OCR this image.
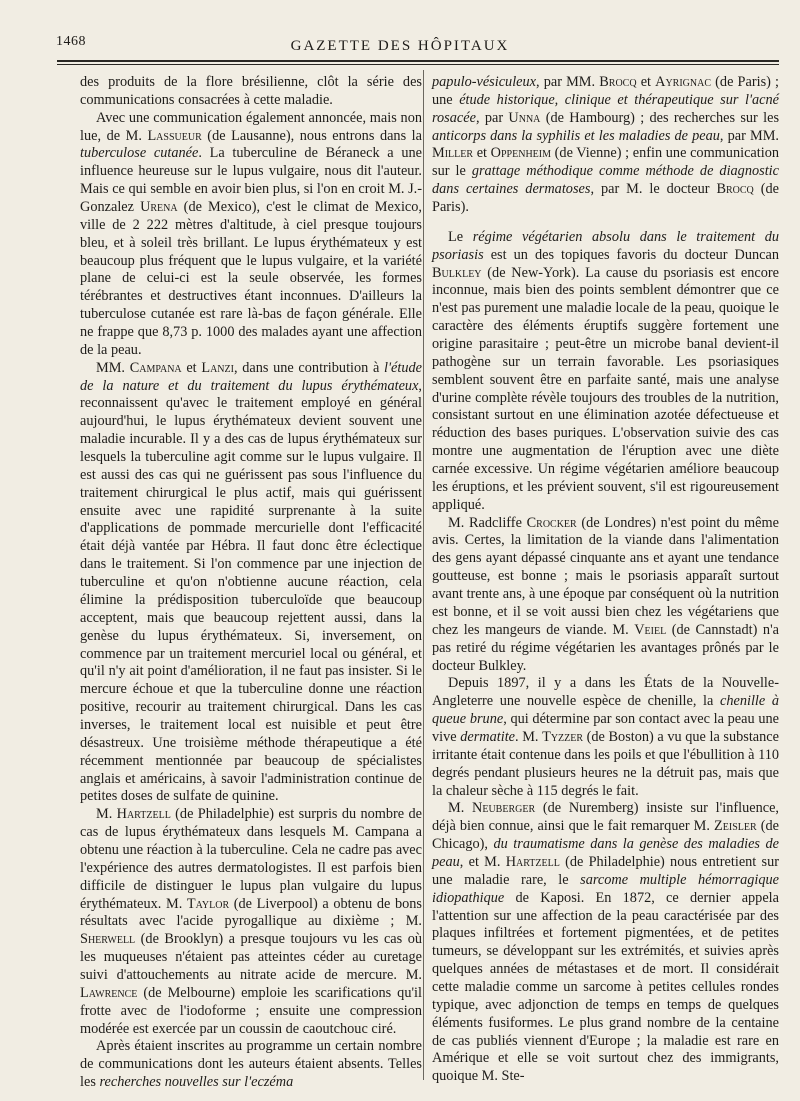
1468	GAZETTE DES HÔPITAUX

des produits de la flore brésilienne, clôt la série des communications consacrées à cette maladie.

Avec une communication également annoncée, mais non lue, de M. Lassueur (de Lausanne), nous entrons dans la tuberculose cutanée. La tuberculine de Béraneck a une influence heureuse sur le lupus vulgaire, nous dit l'auteur. Mais ce qui semble en avoir bien plus, si l'on en croit M. J.-Gonzalez Urena (de Mexico), c'est le climat de Mexico, ville de 2 222 mètres d'altitude, à ciel presque toujours bleu, et à soleil très brillant. Le lupus érythémateux y est beaucoup plus fréquent que le lupus vulgaire, et la variété plane de celui-ci est la seule observée, les formes térébrantes et destructives étant inconnues. D'ailleurs la tuberculose cutanée est rare là-bas de façon générale. Elle ne frappe que 8,73 p. 1000 des malades ayant une affection de la peau.

MM. Campana et Lanzi, dans une contribution à l'étude de la nature et du traitement du lupus érythémateux, reconnaissent qu'avec le traitement employé en général aujourd'hui, le lupus érythémateux devient souvent une maladie incurable. Il y a des cas de lupus érythémateux sur lesquels la tuberculine agit comme sur le lupus vulgaire. Il est aussi des cas qui ne guérissent pas sous l'influence du traitement chirurgical le plus actif, mais qui guérissent ensuite avec une rapidité surprenante à la suite d'applications de pommade mercurielle dont l'efficacité était déjà vantée par Hébra. Il faut donc être éclectique dans le traitement. Si l'on commence par une injection de tuberculine et qu'on n'obtienne aucune réaction, cela élimine la prédisposition tuberculoïde que beaucoup acceptent, mais que beaucoup rejettent aussi, dans la genèse du lupus érythémateux. Si, inversement, on commence par un traitement mercuriel local ou général, et qu'il n'y ait point d'amélioration, il ne faut pas insister. Si le mercure échoue et que la tuberculine donne une réaction positive, recourir au traitement chirurgical. Dans les cas inverses, le traitement local est nuisible et peut être désastreux. Une troisième méthode thérapeutique a été récemment mentionnée par beaucoup de spécialistes anglais et américains, à savoir l'administration continue de petites doses de sulfate de quinine.

M. Hartzell (de Philadelphie) est surpris du nombre de cas de lupus érythémateux dans lesquels M. Campana a obtenu une réaction à la tuberculine. Cela ne cadre pas avec l'expérience des autres dermatologistes. Il est parfois bien difficile de distinguer le lupus plan vulgaire du lupus érythémateux. M. Taylor (de Liverpool) a obtenu de bons résultats avec l'acide pyrogallique au dixième ; M. Sherwell (de Brooklyn) a presque toujours vu les cas où les muqueuses n'étaient pas atteintes céder au curetage suivi d'attouchements au nitrate acide de mercure. M. Lawrence (de Melbourne) emploie les scarifications qu'il frotte avec de l'iodoforme ; ensuite une compression modérée est exercée par un coussin de caoutchouc ciré.

Après étaient inscrites au programme un certain nombre de communications dont les auteurs étaient absents. Telles les recherches nouvelles sur l'eczéma

papulo-vésiculeux, par MM. Brocq et Ayrignac (de Paris) ; une étude historique, clinique et thérapeutique sur l'acné rosacée, par Unna (de Hambourg) ; des recherches sur les anticorps dans la syphilis et les maladies de peau, par MM. Miller et Oppenheim (de Vienne) ; enfin une communication sur le grattage méthodique comme méthode de diagnostic dans certaines dermatoses, par M. le docteur Brocq (de Paris).

Le régime végétarien absolu dans le traitement du psoriasis est un des topiques favoris du docteur Duncan Bulkley (de New-York). La cause du psoriasis est encore inconnue, mais bien des points semblent démontrer que ce n'est pas purement une maladie locale de la peau, quoique le caractère des éléments éruptifs suggère fortement une origine parasitaire ; peut-être un microbe banal devient-il pathogène sur un terrain favorable. Les psoriasiques semblent souvent être en parfaite santé, mais une analyse d'urine complète révèle toujours des troubles de la nutrition, consistant surtout en une élimination azotée défectueuse et réduction des bases puriques. L'observation suivie des cas montre une augmentation de l'éruption avec une diète carnée excessive. Un régime végétarien améliore beaucoup les éruptions, et les prévient souvent, s'il est rigoureusement appliqué.

M. Radcliffe Crocker (de Londres) n'est point du même avis. Certes, la limitation de la viande dans l'alimentation des gens ayant dépassé cinquante ans et ayant une tendance goutteuse, est bonne ; mais le psoriasis apparaît surtout avant trente ans, à une époque par conséquent où la nutrition est bonne, et il se voit aussi bien chez les végétariens que chez les mangeurs de viande. M. Veiel (de Cannstadt) n'a pas retiré du régime végétarien les avantages prônés par le docteur Bulkley.

Depuis 1897, il y a dans les États de la Nouvelle-Angleterre une nouvelle espèce de chenille, la chenille à queue brune, qui détermine par son contact avec la peau une vive dermatite. M. Tyzzer (de Boston) a vu que la substance irritante était contenue dans les poils et que l'ébullition à 110 degrés pendant plusieurs heures ne la détruit pas, mais que la chaleur sèche à 115 degrés le fait.

M. Neuberger (de Nuremberg) insiste sur l'influence, déjà bien connue, ainsi que le fait remarquer M. Zeisler (de Chicago), du traumatisme dans la genèse des maladies de peau, et M. Hartzell (de Philadelphie) nous entretient sur une maladie rare, le sarcome multiple hémorragique idiopathique de Kaposi. En 1872, ce dernier appela l'attention sur une affection de la peau caractérisée par des plaques infiltrées et fortement pigmentées, et de petites tumeurs, se développant sur les extrémités, et suivies après quelques années de métastases et de mort. Il considérait cette maladie comme un sarcome à petites cellules rondes typique, avec adjonction de temps en temps de quelques éléments fusiformes. Le plus grand nombre de la centaine de cas publiés viennent d'Europe ; la maladie est rare en Amérique et elle se voit surtout chez des immigrants, quoique M. Ste-
